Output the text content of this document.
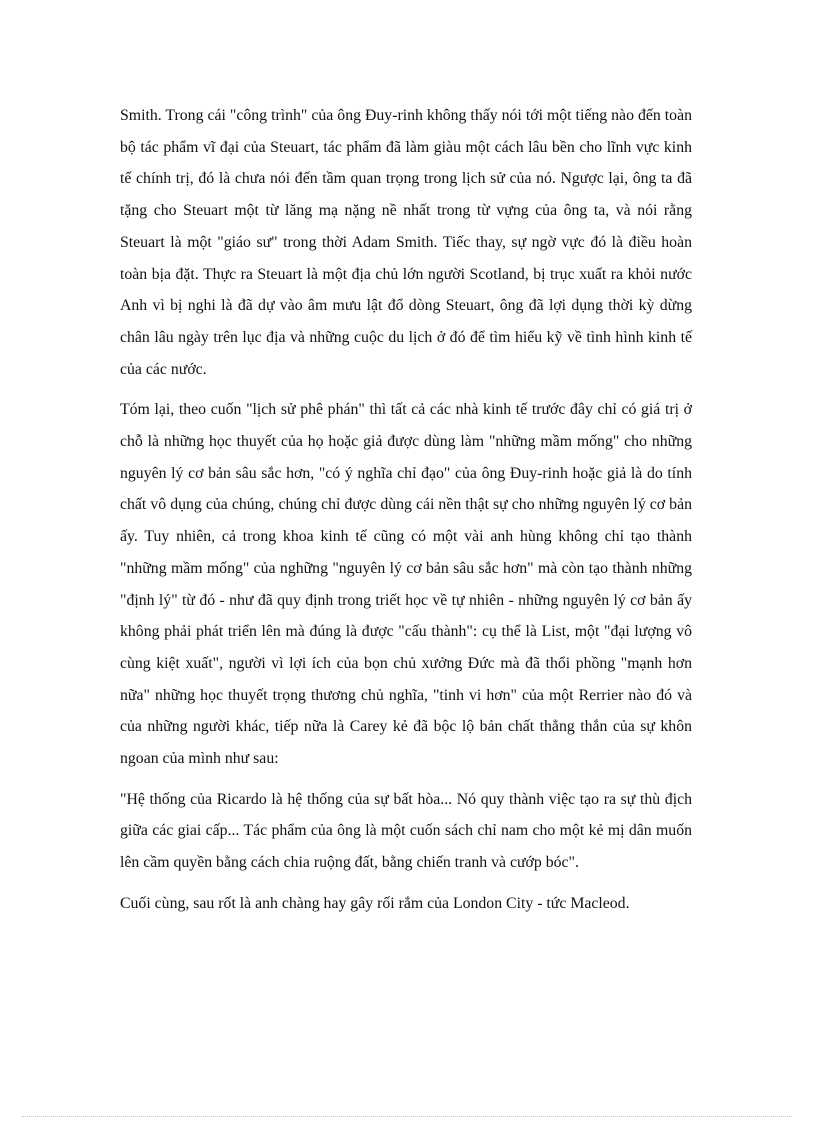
Smith. Trong cái "công trình" của ông Đuy-rinh không thấy nói tới một tiếng nào đến toàn bộ tác phẩm vĩ đại của Steuart, tác phẩm đã làm giàu một cách lâu bền cho lĩnh vực kinh tế chính trị, đó là chưa nói đến tầm quan trọng trong lịch sử của nó. Ngược lại, ông ta đã tặng cho Steuart một từ lăng mạ nặng nề nhất trong từ vựng của ông ta, và nói rằng Steuart là một "giáo sư" trong thời Adam Smith. Tiếc thay, sự ngờ vực đó là điều hoàn toàn bịa đặt. Thực ra Steuart là một địa chủ lớn người Scotland, bị trục xuất ra khỏi nước Anh vì bị nghi là đã dự vào âm mưu lật đổ dòng Steuart, ông đã lợi dụng thời kỳ dừng chân lâu ngày trên lục địa và những cuộc du lịch ở đó để tìm hiểu kỹ về tình hình kinh tế của các nước.

Tóm lại, theo cuốn "lịch sử phê phán" thì tất cả các nhà kinh tế trước đây chỉ có giá trị ở chỗ là những học thuyết của họ hoặc giả được dùng làm "những mầm mống" cho những nguyên lý cơ bản sâu sắc hơn, "có ý nghĩa chỉ đạo" của ông Đuy-rinh hoặc giả là do tính chất vô dụng của chúng, chúng chỉ được dùng cái nền thật sự cho những nguyên lý cơ bản ấy. Tuy nhiên, cả trong khoa kinh tế cũng có một vài anh hùng không chỉ tạo thành "những mầm mống" của nghững "nguyên lý cơ bản sâu sắc hơn" mà còn tạo thành những "định lý" từ đó - như đã quy định trong triết học về tự nhiên - những nguyên lý cơ bản ấy không phải phát triển lên mà đúng là được "cấu thành": cụ thể là List, một "đại lượng vô cùng kiệt xuất", người vì lợi ích của bọn chủ xưởng Đức mà đã thổi phồng "mạnh hơn nữa" những học thuyết trọng thương chủ nghĩa, "tinh vi hơn" của một Rerrier nào đó và của những người khác, tiếp nữa là Carey kẻ đã bộc lộ bản chất thẳng thắn của sự khôn ngoan của mình như sau:

"Hệ thống của Ricardo là hệ thống của sự bất hòa... Nó quy thành việc tạo ra sự thù địch giữa các giai cấp... Tác phẩm của ông là một cuốn sách chỉ nam cho một kẻ mị dân muốn lên cầm quyền bằng cách chia ruộng đất, bằng chiến tranh và cướp bóc".

Cuối cùng, sau rốt là anh chàng hay gây rối rắm của London City - tức Macleod.
